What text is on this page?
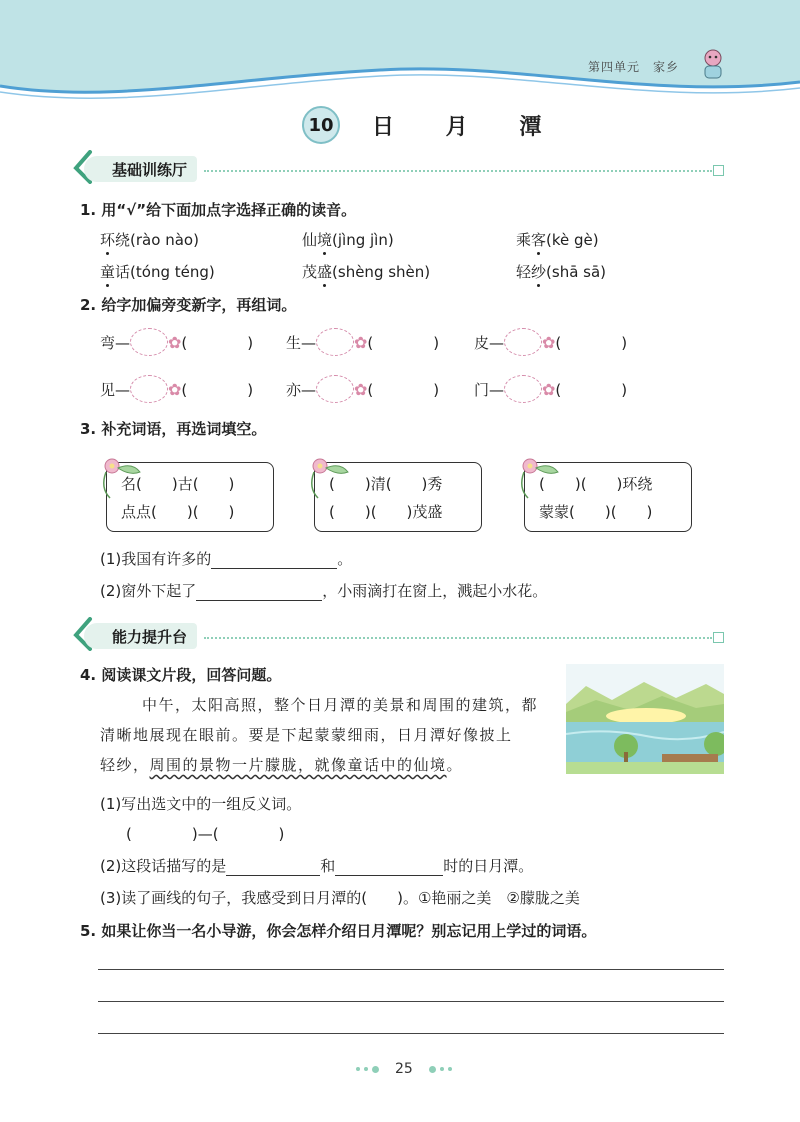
第四单元　 家乡
10 日 月 潭
基础训练厅
1. 用“√”给下面加点字选择正确的读音。
环绕(rào nào)	仙境(jìng jìn)	乘客(kè gè)
童话(tóng téng)	茂盛(shèng shèn)	轻纱(shā sā)
2. 给字加偏旁变新字，再组词。
弯— ✿ (　　　　) 生— ✿ (　　　　) 皮— ✿ (　　　　)
见— ✿ (　　　　) 亦— ✿ (　　　　) 门— ✿ (　　　　)
3. 补充词语，再选词填空。
名(　　)古(　　)
点点(　　)(　　)
(　　)清(　　)秀
(　　)(　　)茂盛
(　　)(　　)环绕
蒙蒙(　　)(　　)
(1)我国有许多的	。
(2)窗外下起了	，小雨滴打在窗上，溅起小水花。
能力提升台
4. 阅读课文片段，回答问题。
中午，太阳高照，整个日月潭的美景和周围的建筑，都
清晰地展现在眼前。要是下起蒙蒙细雨，日月潭好像披上
轻纱，周围的景物一片朦胧，就像童话中的仙境。
(1)写出选文中的一组反义词。
(　　　　)—(　　　　)
(2)这段话描写的是	和	时的日月潭。
(3)读了画线的句子，我感受到日月潭的(　　)。①艳丽之美　②朦胧之美
5. 如果让你当一名小导游，你会怎样介绍日月潭呢？别忘记用上学过的词语。
25
